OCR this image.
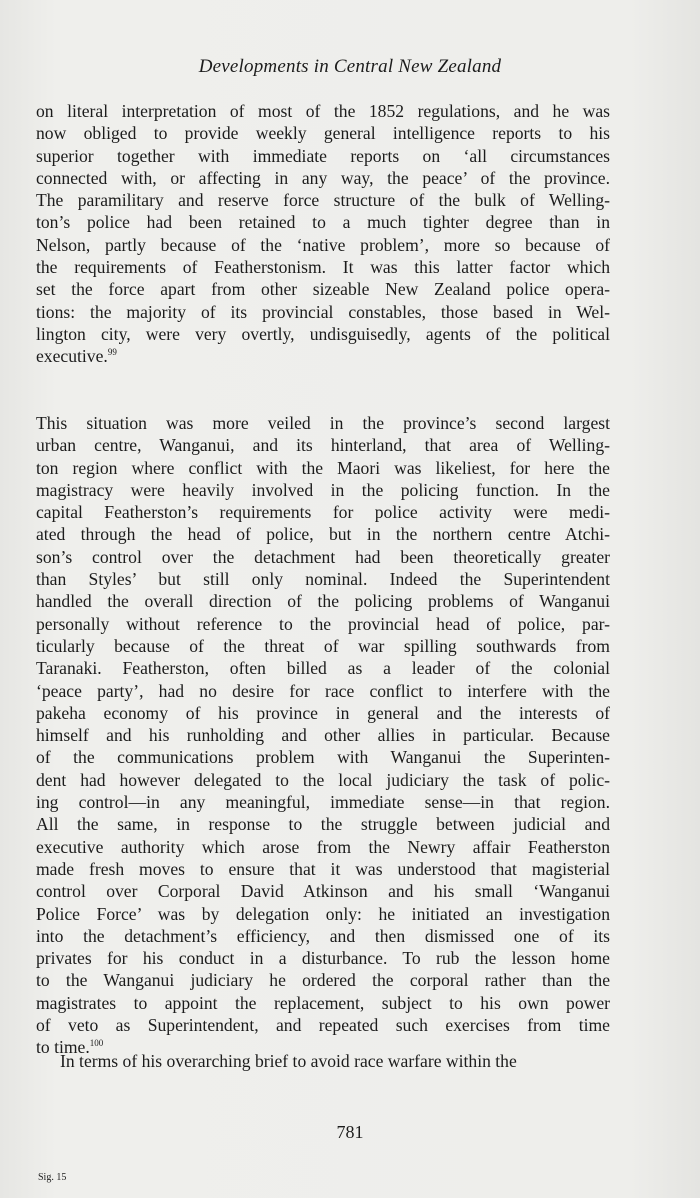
Developments in Central New Zealand
on literal interpretation of most of the 1852 regulations, and he was
now obliged to provide weekly general intelligence reports to his
superior together with immediate reports on ‘all circumstances
connected with, or affecting in any way, the peace’ of the province.
The paramilitary and reserve force structure of the bulk of Welling-
ton’s police had been retained to a much tighter degree than in
Nelson, partly because of the ‘native problem’, more so because of
the requirements of Featherstonism. It was this latter factor which
set the force apart from other sizeable New Zealand police opera-
tions: the majority of its provincial constables, those based in Wel-
lington city, were very overtly, undisguisedly, agents of the political
executive.$^{99}$
This situation was more veiled in the province’s second largest
urban centre, Wanganui, and its hinterland, that area of Welling-
ton region where conflict with the Maori was likeliest, for here the
magistracy were heavily involved in the policing function. In the
capital Featherston’s requirements for police activity were medi-
ated through the head of police, but in the northern centre Atchi-
son’s control over the detachment had been theoretically greater
than Styles’ but still only nominal. Indeed the Superintendent
handled the overall direction of the policing problems of Wanganui
personally without reference to the provincial head of police, par-
ticularly because of the threat of war spilling southwards from
Taranaki. Featherston, often billed as a leader of the colonial
‘peace party’, had no desire for race conflict to interfere with the
pakeha economy of his province in general and the interests of
himself and his runholding and other allies in particular. Because
of the communications problem with Wanganui the Superinten-
dent had however delegated to the local judiciary the task of polic-
ing control—in any meaningful, immediate sense—in that region.
All the same, in response to the struggle between judicial and
executive authority which arose from the Newry affair Featherston
made fresh moves to ensure that it was understood that magisterial
control over Corporal David Atkinson and his small ‘Wanganui
Police Force’ was by delegation only: he initiated an investigation
into the detachment’s efficiency, and then dismissed one of its
privates for his conduct in a disturbance. To rub the lesson home
to the Wanganui judiciary he ordered the corporal rather than the
magistrates to appoint the replacement, subject to his own power
of veto as Superintendent, and repeated such exercises from time
to time.$^{100}$
In terms of his overarching brief to avoid race warfare within the
781
Sig. 15
